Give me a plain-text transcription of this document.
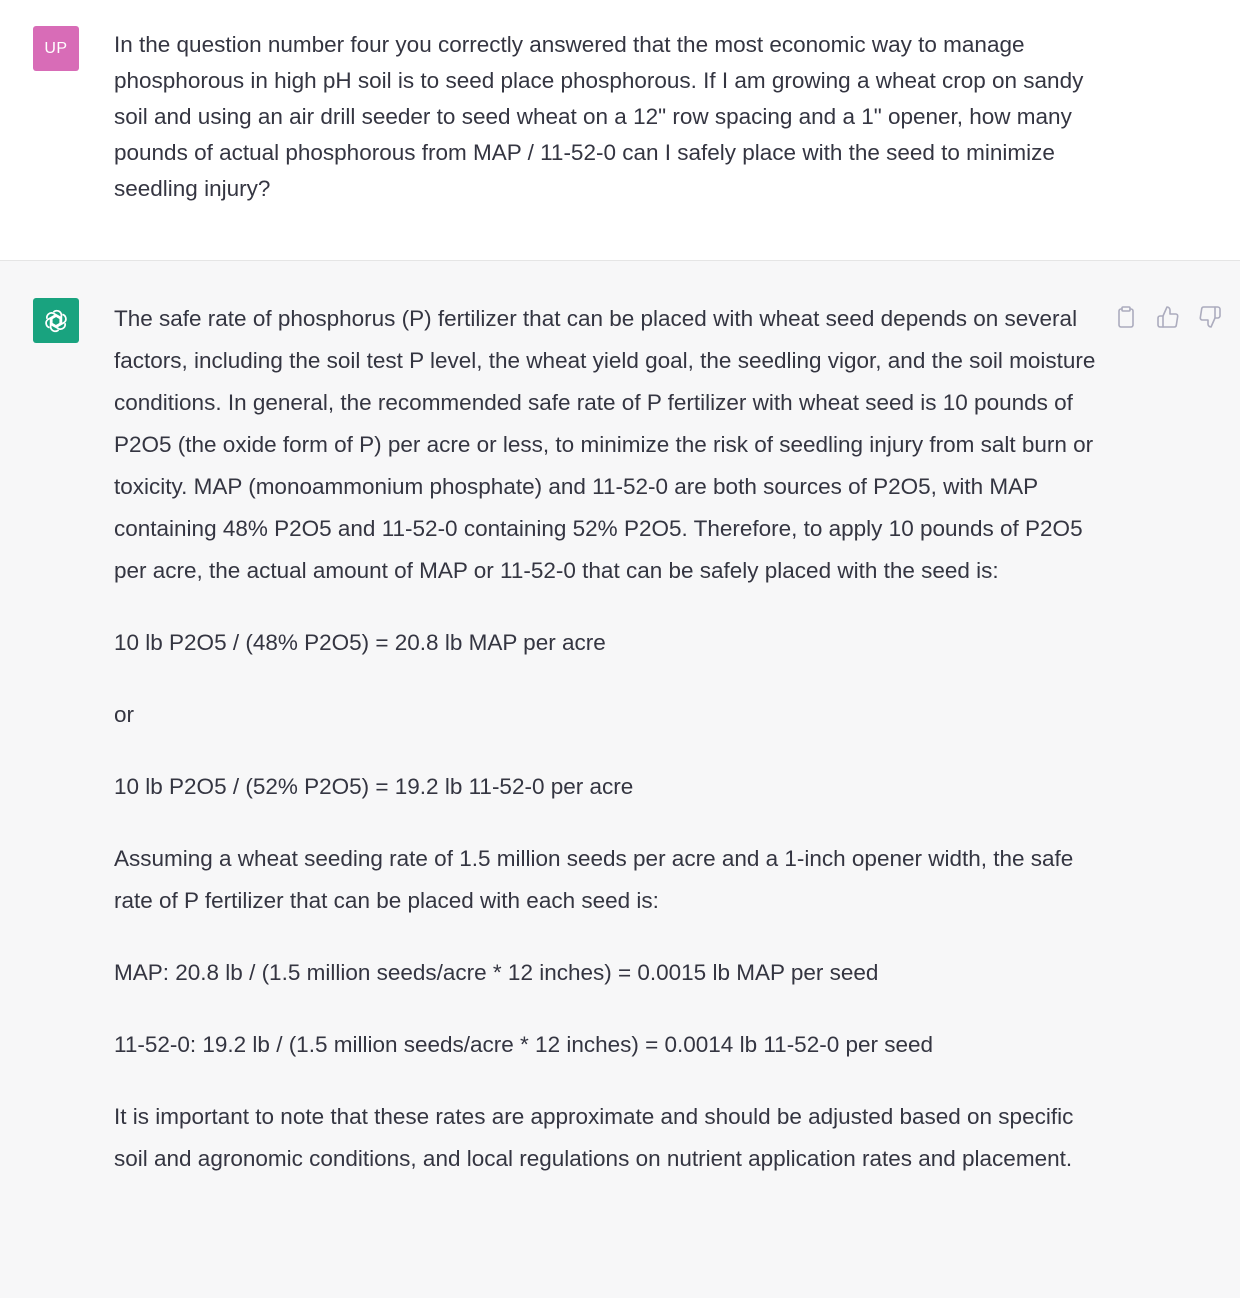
UP	In the question number four you correctly answered that the most economic way to manage phosphorous in high pH soil is to seed place phosphorous. If I am growing a wheat crop on sandy soil and using an air drill seeder to seed wheat on a 12" row spacing and a 1" opener, how many pounds of actual phosphorous from MAP / 11-52-0 can I safely place with the seed to minimize seedling injury?

The safe rate of phosphorus (P) fertilizer that can be placed with wheat seed depends on several factors, including the soil test P level, the wheat yield goal, the seedling vigor, and the soil moisture conditions. In general, the recommended safe rate of P fertilizer with wheat seed is 10 pounds of P2O5 (the oxide form of P) per acre or less, to minimize the risk of seedling injury from salt burn or toxicity. MAP (monoammonium phosphate) and 11-52-0 are both sources of P2O5, with MAP containing 48% P2O5 and 11-52-0 containing 52% P2O5. Therefore, to apply 10 pounds of P2O5 per acre, the actual amount of MAP or 11-52-0 that can be safely placed with the seed is:

10 lb P2O5 / (48% P2O5) = 20.8 lb MAP per acre

or

10 lb P2O5 / (52% P2O5) = 19.2 lb 11-52-0 per acre

Assuming a wheat seeding rate of 1.5 million seeds per acre and a 1-inch opener width, the safe rate of P fertilizer that can be placed with each seed is:

MAP: 20.8 lb / (1.5 million seeds/acre * 12 inches) = 0.0015 lb MAP per seed

11-52-0: 19.2 lb / (1.5 million seeds/acre * 12 inches) = 0.0014 lb 11-52-0 per seed

It is important to note that these rates are approximate and should be adjusted based on specific soil and agronomic conditions, and local regulations on nutrient application rates and placement.
